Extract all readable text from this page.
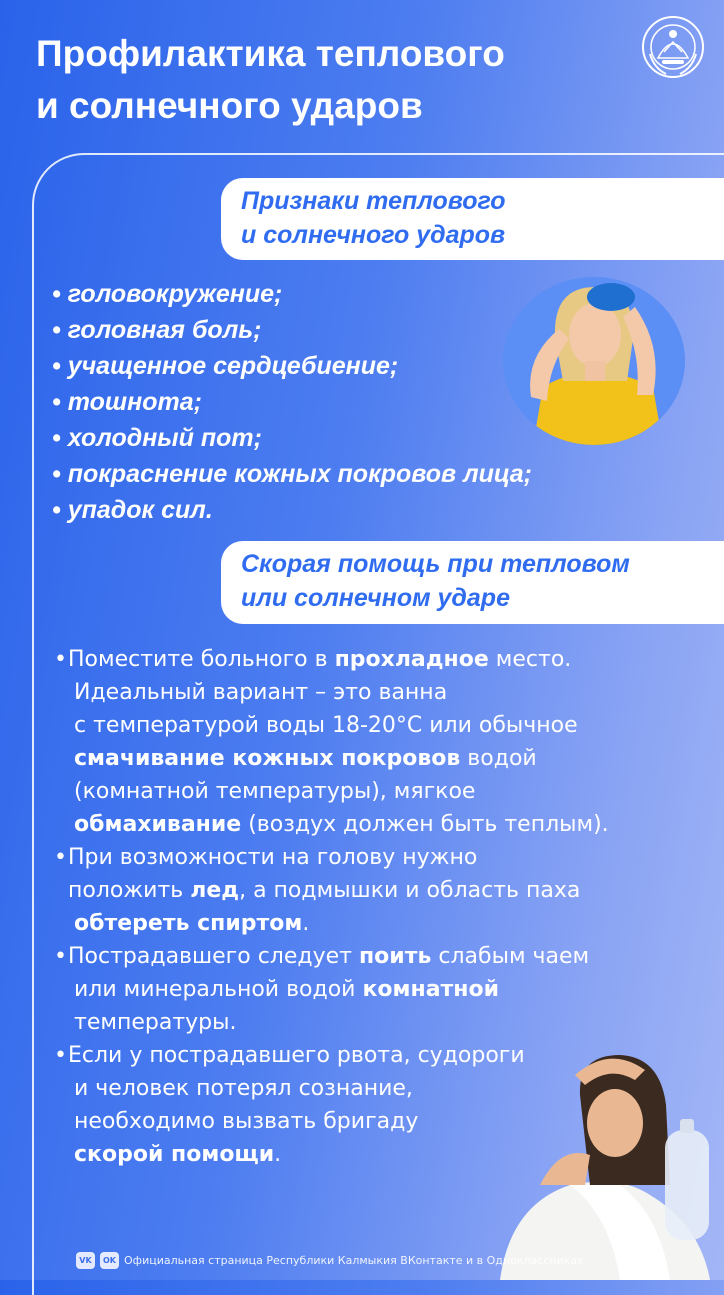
Профилактика теплового
и солнечного ударов
Признаки теплового
и солнечного ударов
• головокружение;
• головная боль;
• учащенное сердцебиение;
• тошнота;
• холодный пот;
• покраснение кожных покровов лица;
• упадок сил.
Скорая помощь при тепловом
или солнечном ударе
• Поместите больного в прохладное место.
Идеальный вариант – это ванна
с температурой воды 18-20°С или обычное
смачивание кожных покровов водой
(комнатной температуры), мягкое
обмахивание (воздух должен быть теплым).
• При возможности на голову нужно
положить лед, а подмышки и область паха
обтереть спиртом.
• Пострадавшего следует поить слабым чаем
или минеральной водой комнатной
температуры.
• Если у пострадавшего рвота, судороги
и человек потерял сознание,
необходимо вызвать бригаду
скорой помощи.
VK	OK Официальная страница Республики Калмыкия ВКонтакте и в Одноклассниках
